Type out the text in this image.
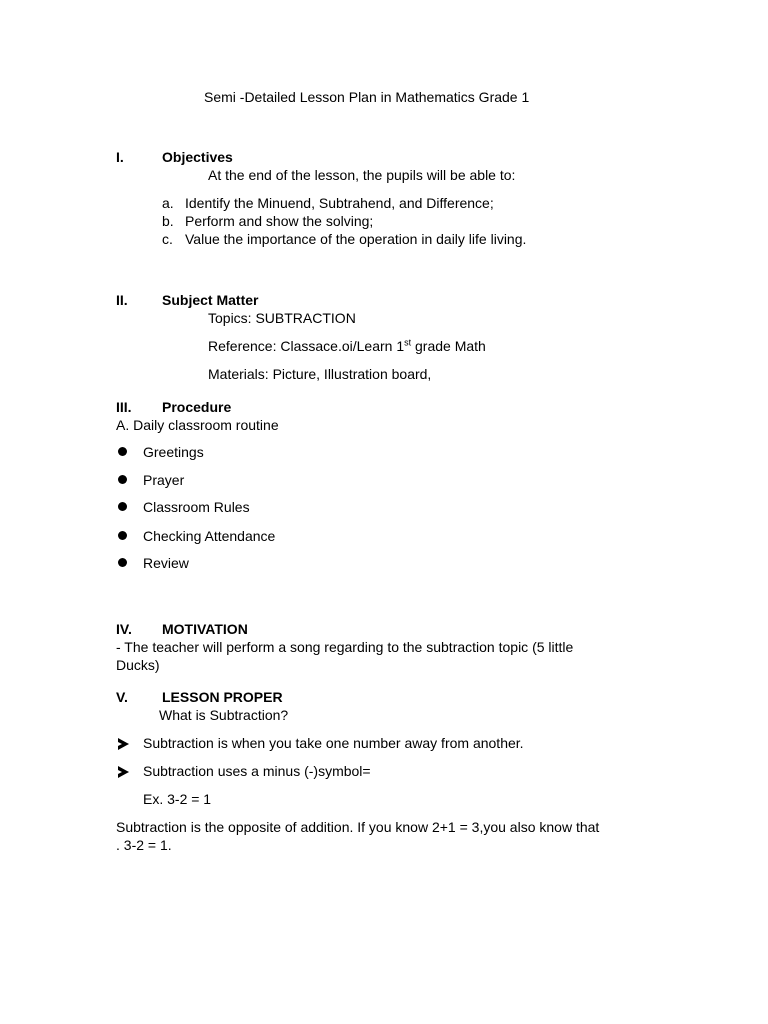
Semi -Detailed Lesson Plan in Mathematics Grade 1
I.	Objectives
At the end of the lesson, the pupils will be able to:
a. Identify the Minuend, Subtrahend, and Difference;
b. Perform and show the solving;
c. Value the importance of the operation in daily life living.
II. Subject Matter
Topics: SUBTRACTION
Reference: Classace.oi/Learn 1st grade Math
Materials: Picture, Illustration board,
III. Procedure
A. Daily classroom routine
Greetings
Prayer
Classroom Rules
Checking Attendance
Review
IV. MOTIVATION
- The teacher will perform a song regarding to the subtraction topic (5 little
Ducks)
V. LESSON PROPER
What is Subtraction?
Subtraction is when you take one number away from another.
Subtraction uses a minus (-)symbol=
Ex. 3-2 = 1
Subtraction is the opposite of addition. If you know 2+1 = 3,you also know that
. 3-2 = 1.
